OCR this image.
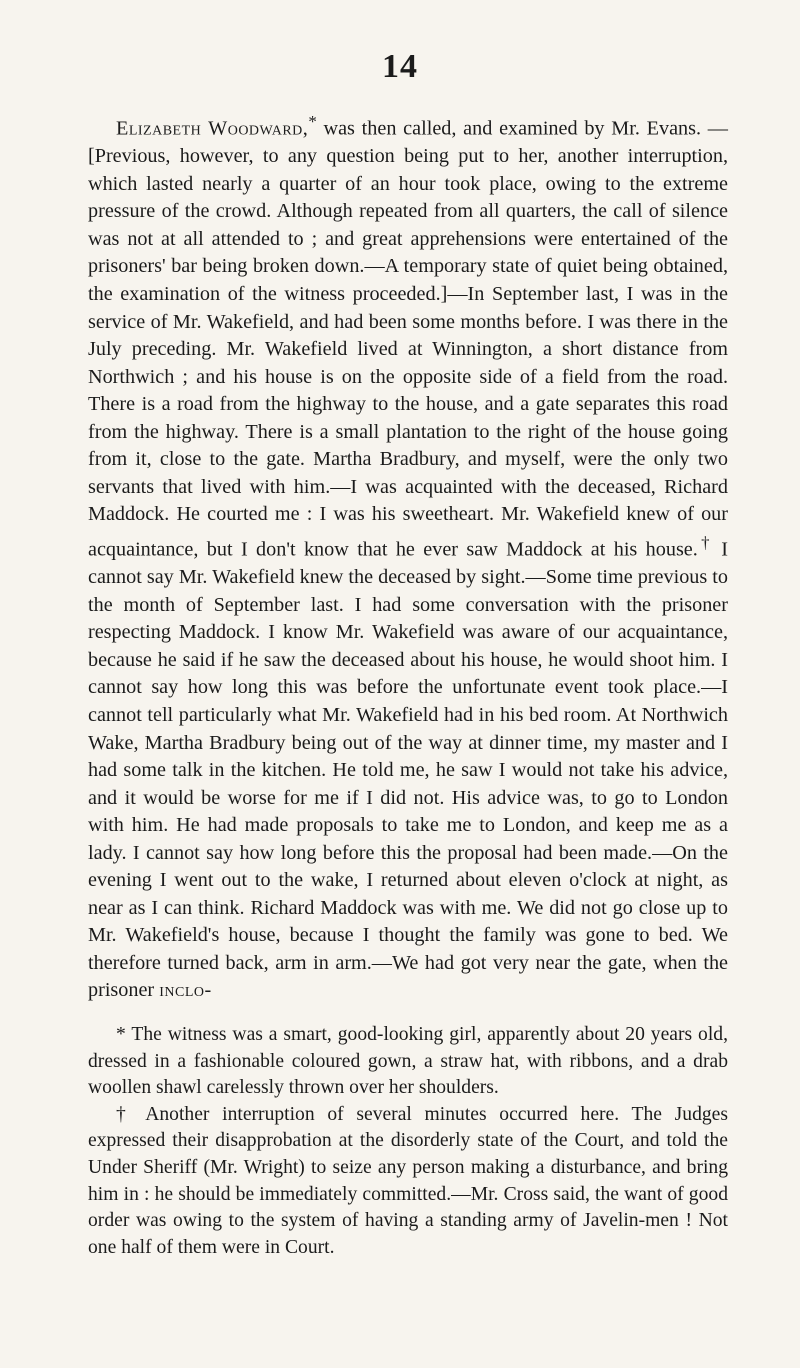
14

Elizabeth Woodward,* was then called, and examined by Mr. Evans. —[Previous, however, to any question being put to her, another interruption, which lasted nearly a quarter of an hour took place, owing to the extreme pressure of the crowd. Although repeated from all quarters, the call of silence was not at all attended to ; and great apprehensions were entertained of the prisoners' bar being broken down.—A temporary state of quiet being obtained, the examination of the witness proceeded.]—In September last, I was in the service of Mr. Wakefield, and had been some months before. I was there in the July preceding. Mr. Wakefield lived at Winnington, a short distance from Northwich ; and his house is on the opposite side of a field from the road. There is a road from the highway to the house, and a gate separates this road from the highway. There is a small plantation to the right of the house going from it, close to the gate. Martha Bradbury, and myself, were the only two servants that lived with him.—I was acquainted with the deceased, Richard Maddock. He courted me : I was his sweetheart. Mr. Wakefield knew of our acquaintance, but I don't know that he ever saw Maddock at his house.† I cannot say Mr. Wakefield knew the deceased by sight.—Some time previous to the month of September last. I had some conversation with the prisoner respecting Maddock. I know Mr. Wakefield was aware of our acquaintance, because he said if he saw the deceased about his house, he would shoot him. I cannot say how long this was before the unfortunate event took place.—I cannot tell particularly what Mr. Wakefield had in his bed room. At Northwich Wake, Martha Bradbury being out of the way at dinner time, my master and I had some talk in the kitchen. He told me, he saw I would not take his advice, and it would be worse for me if I did not. His advice was, to go to London with him. He had made proposals to take me to London, and keep me as a lady. I cannot say how long before this the proposal had been made.—On the evening I went out to the wake, I returned about eleven o'clock at night, as near as I can think. Richard Maddock was with me. We did not go close up to Mr. Wakefield's house, because I thought the family was gone to bed. We therefore turned back, arm in arm.—We had got very near the gate, when the prisoner inclo-

* The witness was a smart, good-looking girl, apparently about 20 years old, dressed in a fashionable coloured gown, a straw hat, with ribbons, and a drab woollen shawl carelessly thrown over her shoulders.

† Another interruption of several minutes occurred here. The Judges expressed their disapprobation at the disorderly state of the Court, and told the Under Sheriff (Mr. Wright) to seize any person making a disturbance, and bring him in : he should be immediately committed.—Mr. Cross said, the want of good order was owing to the system of having a standing army of Javelin-men ! Not one half of them were in Court.
